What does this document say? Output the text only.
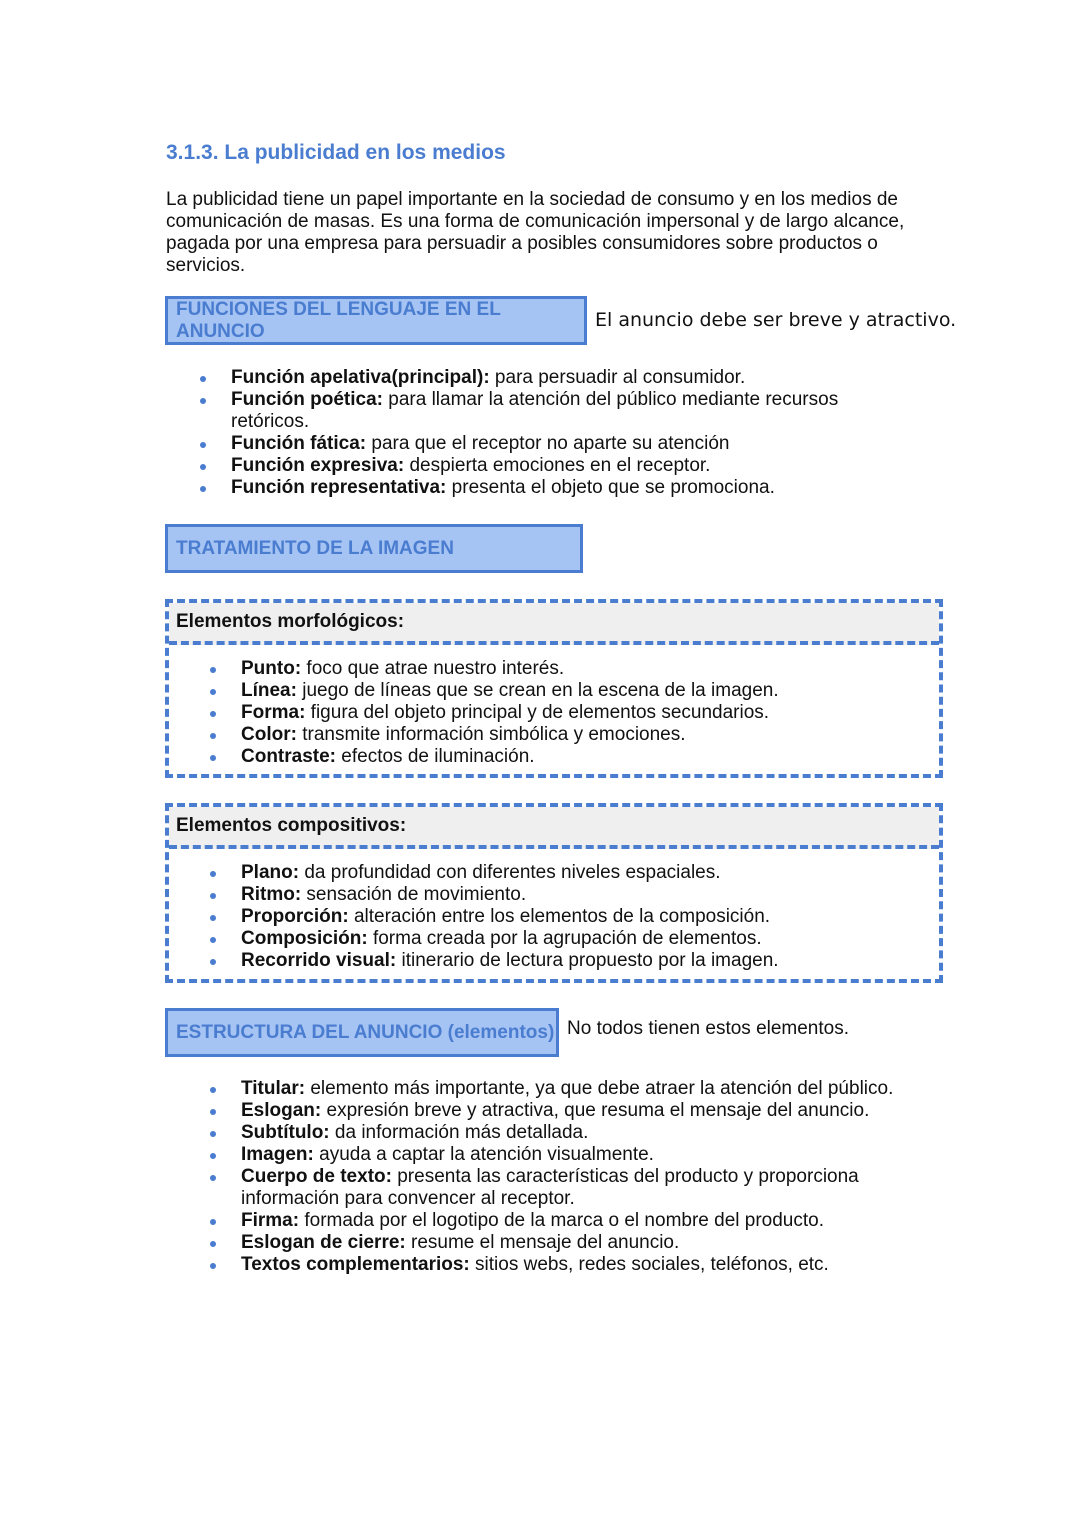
3.1.3. La publicidad en los medios

La publicidad tiene un papel importante en la sociedad de consumo y en los medios de comunicación de masas. Es una forma de comunicación impersonal y de largo alcance, pagada por una empresa para persuadir a posibles consumidores sobre productos o servicios.

FUNCIONES DEL LENGUAJE EN EL ANUNCIO	El anuncio debe ser breve y atractivo.
Función apelativa(principal): para persuadir al consumidor.
Función poética: para llamar la atención del público mediante recursos retóricos.
Función fática: para que el receptor no aparte su atención
Función expresiva: despierta emociones en el receptor.
Función representativa: presenta el objeto que se promociona.
TRATAMIENTO DE LA IMAGEN
Elementos morfológicos:
Punto: foco que atrae nuestro interés.
Línea: juego de líneas que se crean en la escena de la imagen.
Forma: figura del objeto principal y de elementos secundarios.
Color: transmite información simbólica y emociones.
Contraste: efectos de iluminación.
Elementos compositivos:
Plano: da profundidad con diferentes niveles espaciales.
Ritmo: sensación de movimiento.
Proporción: alteración entre los elementos de la composición.
Composición: forma creada por la agrupación de elementos.
Recorrido visual: itinerario de lectura propuesto por la imagen.
ESTRUCTURA DEL ANUNCIO (elementos) No todos tienen estos elementos.
Titular: elemento más importante, ya que debe atraer la atención del público.
Eslogan: expresión breve y atractiva, que resuma el mensaje del anuncio.
Subtítulo: da información más detallada.
Imagen: ayuda a captar la atención visualmente.
Cuerpo de texto: presenta las características del producto y proporciona información para convencer al receptor.
Firma: formada por el logotipo de la marca o el nombre del producto.
Eslogan de cierre: resume el mensaje del anuncio.
Textos complementarios: sitios webs, redes sociales, teléfonos, etc.
